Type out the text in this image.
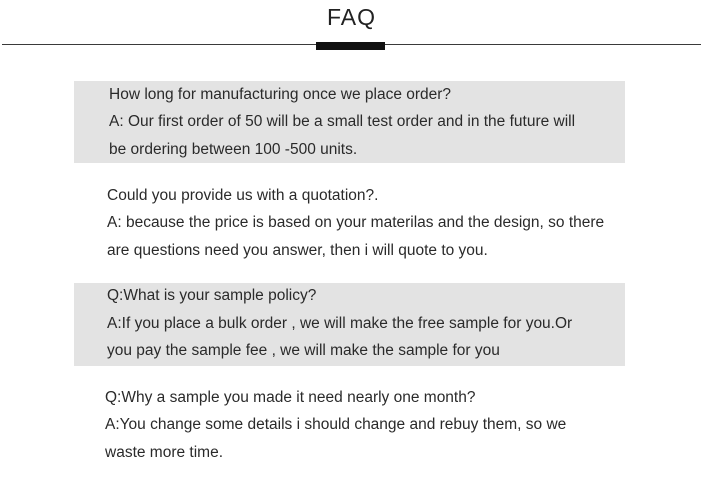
FAQ
How long for manufacturing once we place order?
A: Our first order of 50 will be a small test order and in the future will
be ordering between 100 -500 units.
Could you provide us with a quotation?.
A: because the price is based on your materilas and the design, so there
are questions need you answer, then i will quote to you.
Q:What is your sample policy?
A:If you place a bulk order , we will make the free sample for you.Or
you pay the sample fee , we will make the sample for you
Q:Why a sample you made it need nearly one month?
A:You change some details i should change and rebuy them, so we
waste more time.
